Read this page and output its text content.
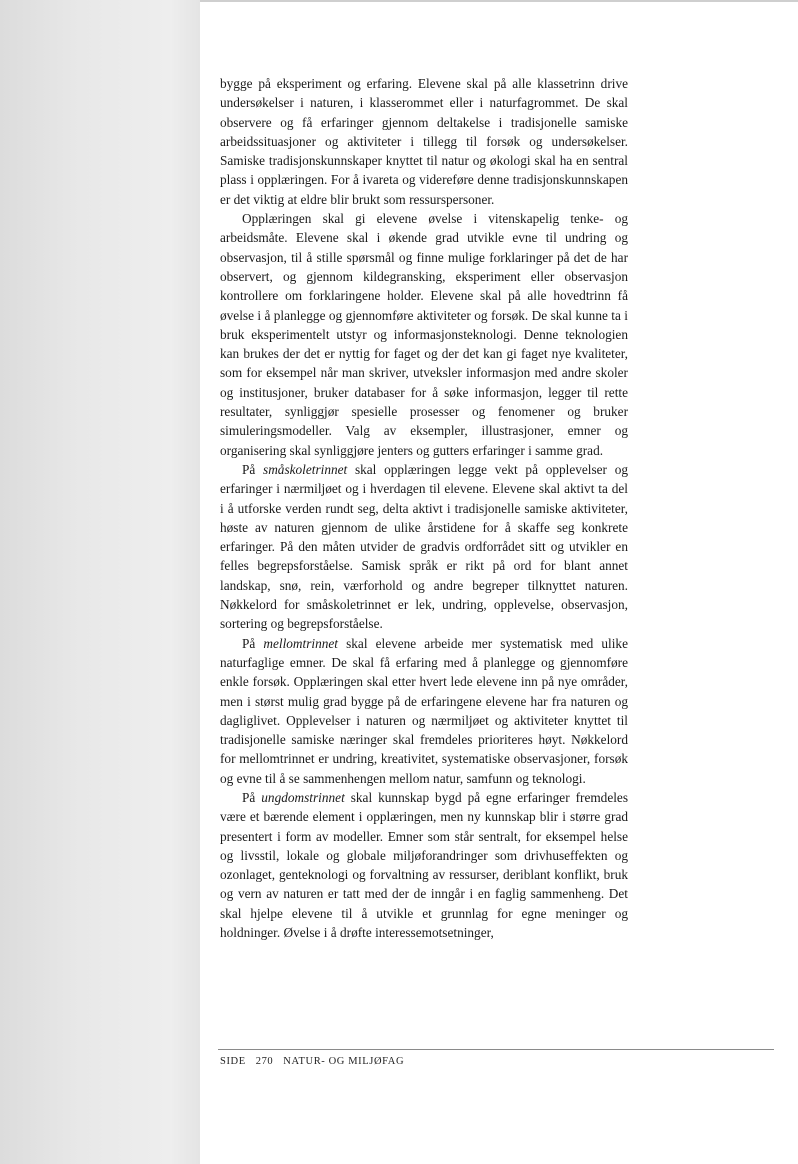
bygge på eksperiment og erfaring. Elevene skal på alle klassetrinn drive undersøkelser i naturen, i klasserommet eller i naturfagrommet. De skal observere og få erfaringer gjennom deltakelse i tradisjonelle samiske arbeidssituasjoner og aktiviteter i tillegg til forsøk og undersøkelser. Samiske tradisjonskunnskaper knyttet til natur og økologi skal ha en sentral plass i opplæringen. For å ivareta og videreføre denne tradisjonskunnskapen er det viktig at eldre blir brukt som ressurspersoner.

Opplæringen skal gi elevene øvelse i vitenskapelig tenke- og arbeidsmåte. Elevene skal i økende grad utvikle evne til undring og observasjon, til å stille spørsmål og finne mulige forklaringer på det de har observert, og gjennom kildegransking, eksperiment eller observasjon kontrollere om forklaringene holder. Elevene skal på alle hovedtrinn få øvelse i å planlegge og gjennomføre aktiviteter og forsøk. De skal kunne ta i bruk eksperimentelt utstyr og informasjonsteknologi. Denne teknologien kan brukes der det er nyttig for faget og der det kan gi faget nye kvaliteter, som for eksempel når man skriver, utveksler informasjon med andre skoler og institusjoner, bruker databaser for å søke informasjon, legger til rette resultater, synliggjør spesielle prosesser og fenomener og bruker simuleringsmodeller. Valg av eksempler, illustrasjoner, emner og organisering skal synliggjøre jenters og gutters erfaringer i samme grad.

På småskoletrinnet skal opplæringen legge vekt på opplevelser og erfaringer i nærmiljøet og i hverdagen til elevene. Elevene skal aktivt ta del i å utforske verden rundt seg, delta aktivt i tradisjonelle samiske aktiviteter, høste av naturen gjennom de ulike årstidene for å skaffe seg konkrete erfaringer. På den måten utvider de gradvis ordforrådet sitt og utvikler en felles begrepsforståelse. Samisk språk er rikt på ord for blant annet landskap, snø, rein, værforhold og andre begreper tilknyttet naturen. Nøkkelord for småskoletrinnet er lek, undring, opplevelse, observasjon, sortering og begrepsforståelse.

På mellomtrinnet skal elevene arbeide mer systematisk med ulike naturfaglige emner. De skal få erfaring med å planlegge og gjennomføre enkle forsøk. Opplæringen skal etter hvert lede elevene inn på nye områder, men i størst mulig grad bygge på de erfaringene elevene har fra naturen og dagliglivet. Opplevelser i naturen og nærmiljøet og aktiviteter knyttet til tradisjonelle samiske næringer skal fremdeles prioriteres høyt. Nøkkelord for mellomtrinnet er undring, kreativitet, systematiske observasjoner, forsøk og evne til å se sammenhengen mellom natur, samfunn og teknologi.

På ungdomstrinnet skal kunnskap bygd på egne erfaringer fremdeles være et bærende element i opplæringen, men ny kunnskap blir i større grad presentert i form av modeller. Emner som står sentralt, for eksempel helse og livsstil, lokale og globale miljøforandringer som drivhuseffekten og ozonlaget, genteknologi og forvaltning av ressurser, deriblant konflikt, bruk og vern av naturen er tatt med der de inngår i en faglig sammenheng. Det skal hjelpe elevene til å utvikle et grunnlag for egne meninger og holdninger. Øvelse i å drøfte interessemotsetninger,

SIDE 270 NATUR- OG MILJØFAG
